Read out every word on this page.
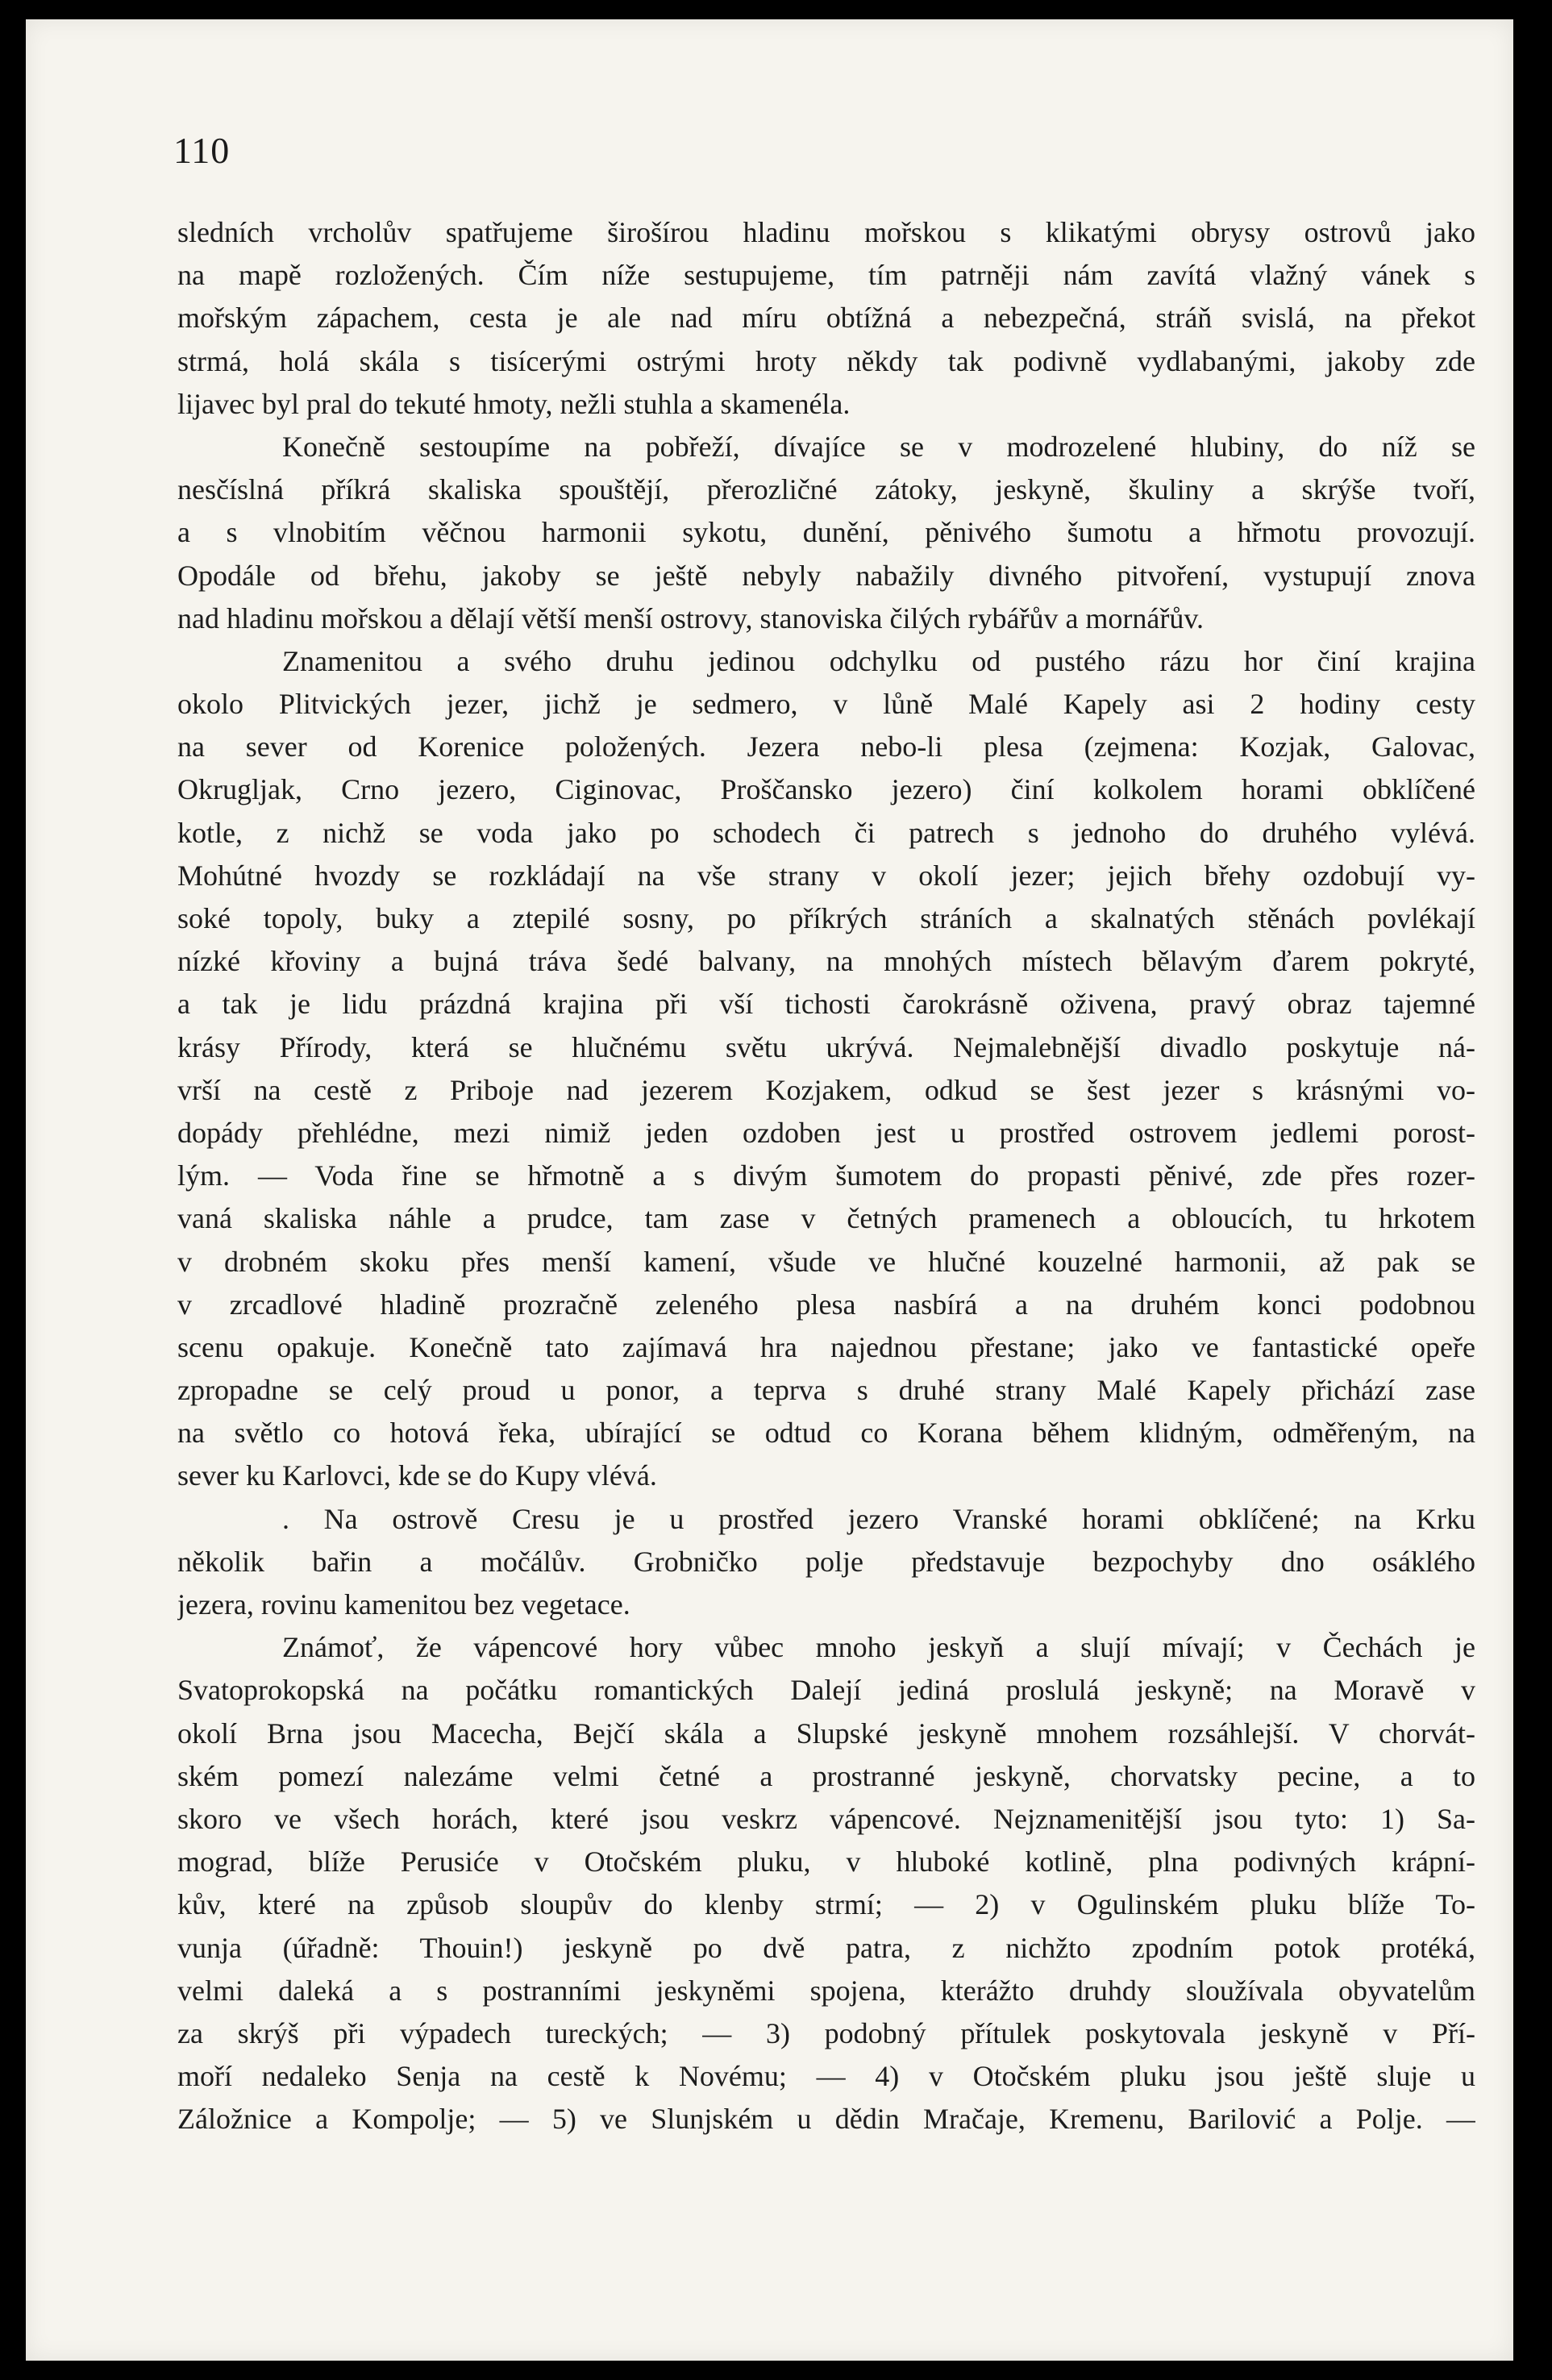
110
sledních vrcholův spatřujeme širošírou hladinu mořskou s klikatými obrysy ostrovů jako
na mapě rozložených. Čím níže sestupujeme, tím patrněji nám zavítá vlažný vánek s
mořským zápachem, cesta je ale nad míru obtížná a nebezpečná, stráň svislá, na překot
strmá, holá skála s tisícerými ostrými hroty někdy tak podivně vydlabanými, jakoby zde
lijavec byl pral do tekuté hmoty, nežli stuhla a skamenéla.
Konečně sestoupíme na pobřeží, dívajíce se v modrozelené hlubiny, do níž se
nesčíslná příkrá skaliska spouštějí, přerozličné zátoky, jeskyně, škuliny a skrýše tvoří,
a s vlnobitím věčnou harmonii sykotu, dunění, pěnivého šumotu a hřmotu provozují.
Opodále od břehu, jakoby se ještě nebyly nabažily divného pitvoření, vystupují znova
nad hladinu mořskou a dělají větší menší ostrovy, stanoviska čilých rybářův a mornářův.
Znamenitou a svého druhu jedinou odchylku od pustého rázu hor činí krajina
okolo Plitvických jezer, jichž je sedmero, v lůně Malé Kapely asi 2 hodiny cesty
na sever od Korenice položených. Jezera nebo-li plesa (zejmena: Kozjak, Galovac,
Okrugljak, Crno jezero, Ciginovac, Proščansko jezero) činí kolkolem horami obklíčené
kotle, z nichž se voda jako po schodech či patrech s jednoho do druhého vylévá.
Mohútné hvozdy se rozkládají na vše strany v okolí jezer; jejich břehy ozdobují vy-
soké topoly, buky a ztepilé sosny, po příkrých stráních a skalnatých stěnách povlékají
nízké křoviny a bujná tráva šedé balvany, na mnohých místech bělavým ďarem pokryté,
a tak je lidu prázdná krajina při vší tichosti čarokrásně oživena, pravý obraz tajemné
krásy Přírody, která se hlučnému světu ukrývá. Nejmalebnější divadlo poskytuje ná-
vrší na cestě z Priboje nad jezerem Kozjakem, odkud se šest jezer s krásnými vo-
dopády přehlédne, mezi nimiž jeden ozdoben jest u prostřed ostrovem jedlemi porost-
lým. — Voda řine se hřmotně a s divým šumotem do propasti pěnivé, zde přes rozer-
vaná skaliska náhle a prudce, tam zase v četných pramenech a obloucích, tu hrkotem
v drobném skoku přes menší kamení, všude ve hlučné kouzelné harmonii, až pak se
v zrcadlové hladině prozračně zeleného plesa nasbírá a na druhém konci podobnou
scenu opakuje. Konečně tato zajímavá hra najednou přestane; jako ve fantastické opeře
zpropadne se celý proud u ponor, a teprva s druhé strany Malé Kapely přichází zase
na světlo co hotová řeka, ubírající se odtud co Korana během klidným, odměřeným, na
sever ku Karlovci, kde se do Kupy vlévá.
. Na ostrově Cresu je u prostřed jezero Vranské horami obklíčené; na Krku
několik bařin a močálův. Grobničko polje představuje bezpochyby dno osáklého
jezera, rovinu kamenitou bez vegetace.
Známoť, že vápencové hory vůbec mnoho jeskyň a slují mívají; v Čechách je
Svatoprokopská na počátku romantických Dalejí jediná proslulá jeskyně; na Moravě v
okolí Brna jsou Macecha, Bejčí skála a Slupské jeskyně mnohem rozsáhlejší. V chorvát-
ském pomezí nalezáme velmi četné a prostranné jeskyně, chorvatsky pecine, a to
skoro ve všech horách, které jsou veskrz vápencové. Nejznamenitější jsou tyto: 1) Sa-
mograd, blíže Perusiće v Otočském pluku, v hluboké kotlině, plna podivných krápní-
kův, které na způsob sloupův do klenby strmí; — 2) v Ogulinském pluku blíže To-
vunja (úřadně: Thouin!) jeskyně po dvě patra, z nichžto zpodním potok protéká,
velmi daleká a s postranními jeskyněmi spojena, kterážto druhdy sloužívala obyvatelům
za skrýš při výpadech tureckých; — 3) podobný přítulek poskytovala jeskyně v Pří-
moří nedaleko Senja na cestě k Novému; — 4) v Otočském pluku jsou ještě sluje u
Záložnice a Kompolje; — 5) ve Slunjském u dědin Mračaje, Kremenu, Barilović a Polje. —
